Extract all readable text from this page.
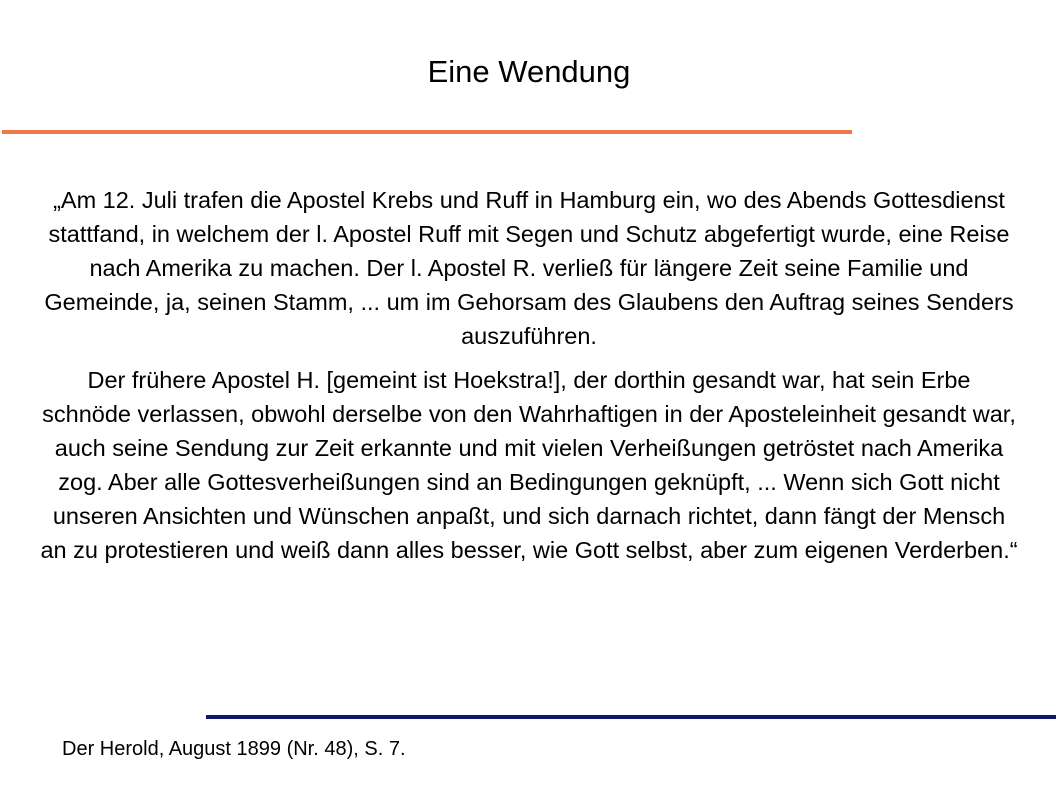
Eine Wendung

„Am 12. Juli trafen die Apostel Krebs und Ruff in Hamburg ein, wo des Abends Gottesdienst stattfand, in welchem der l. Apostel Ruff mit Segen und Schutz abgefertigt wurde, eine Reise nach Amerika zu machen. Der l. Apostel R. verließ für längere Zeit seine Familie und Gemeinde, ja, seinen Stamm, ... um im Gehorsam des Glaubens den Auftrag seines Senders auszuführen.

Der frühere Apostel H. [gemeint ist Hoekstra!], der dorthin gesandt war, hat sein Erbe schnöde verlassen, obwohl derselbe von den Wahrhaftigen in der Apostelеinheit gesandt war, auch seine Sendung zur Zeit erkannte und mit vielen Verheißungen getröstet nach Amerika zog. Aber alle Gottesverheißungen sind an Bedingungen geknüpft, ... Wenn sich Gott nicht unseren Ansichten und Wünschen anpaßt, und sich darnach richtet, dann fängt der Mensch an zu protestieren und weiß dann alles besser, wie Gott selbst, aber zum eigenen Verderben.“

Der Herold, August 1899 (Nr. 48), S. 7.
